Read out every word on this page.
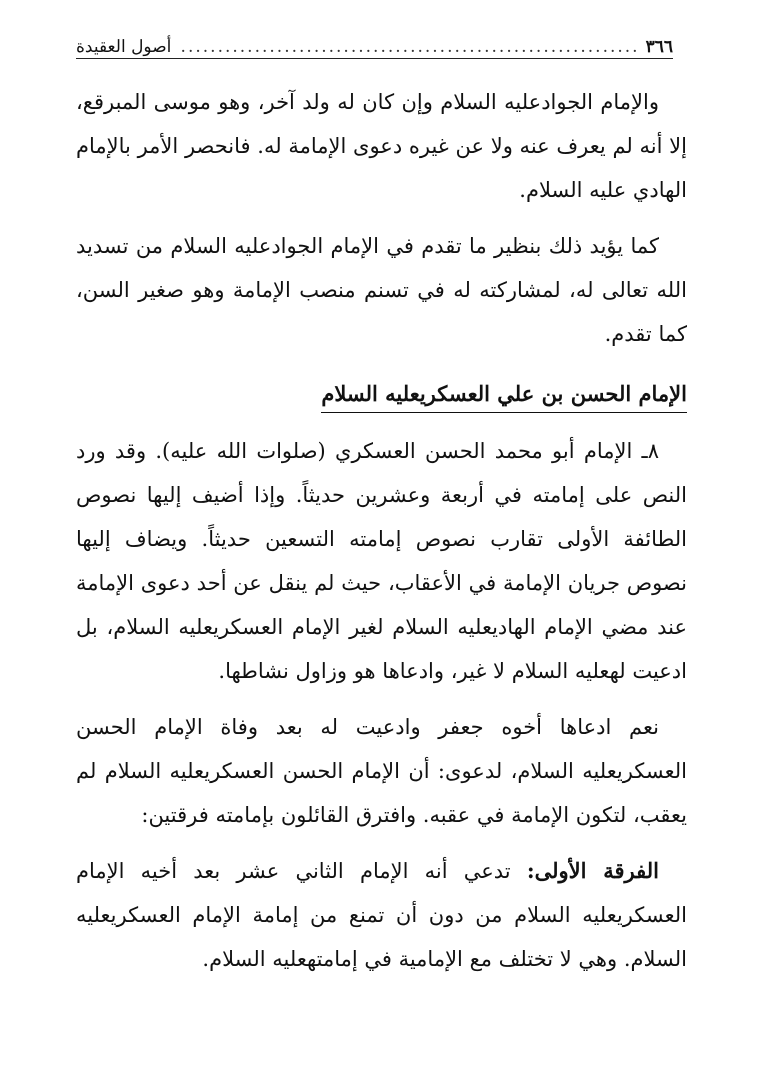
٣٦٦
.....
أصول العقيدة

والإمام الجوادعليه السلام وإن كان له ولد آخر، وهو موسى المبرقع، إلا أنه لم يعرف عنه ولا عن غيره دعوى الإمامة له. فانحصر الأمر بالإمام الهادي عليه السلام.

كما يؤيد ذلك بنظير ما تقدم في الإمام الجوادعليه السلام من تسديد الله تعالى له، لمشاركته له في تسنم منصب الإمامة وهو صغير السن، كما تقدم.

الإمام الحسن بن علي العسكريعليه السلام

٨ـ الإمام أبو محمد الحسن العسكري (صلوات الله عليه). وقد ورد النص على إمامته في أربعة وعشرين حديثاً. وإذا أضيف إليها نصوص الطائفة الأولى تقارب نصوص إمامته التسعين حديثاً. ويضاف إليها نصوص جريان الإمامة في الأعقاب، حيث لم ينقل عن أحد دعوى الإمامة عند مضي الإمام الهاديعليه السلام لغير الإمام العسكريعليه السلام، بل ادعيت لهعليه السلام لا غير، وادعاها هو وزاول نشاطها.

نعم ادعاها أخوه جعفر وادعيت له بعد وفاة الإمام الحسن العسكريعليه السلام، لدعوى: أن الإمام الحسن العسكريعليه السلام لم يعقب، لتكون الإمامة في عقبه. وافترق القائلون بإمامته فرقتين:

الفرقة الأولى: تدعي أنه الإمام الثاني عشر بعد أخيه الإمام العسكريعليه السلام من دون أن تمنع من إمامة الإمام العسكريعليه السلام. وهي لا تختلف مع الإمامية في إمامتهعليه السلام.
